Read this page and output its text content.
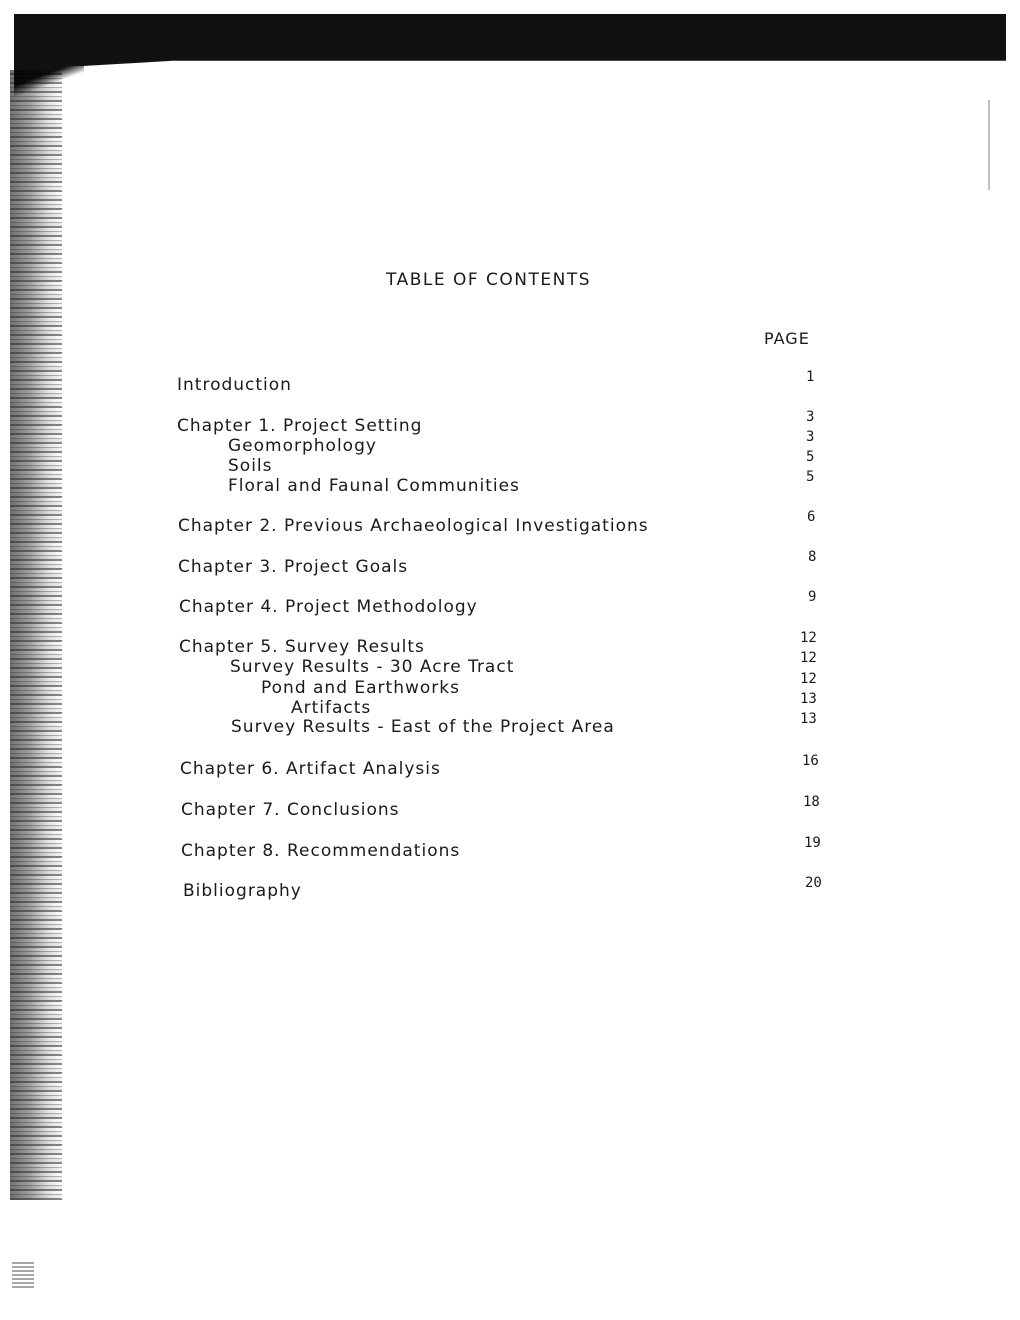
TABLE OF CONTENTS
PAGE
Introduction	1
Chapter 1. Project Setting	3
Geomorphology	3
Soils	5
Floral and Faunal Communities	5
Chapter 2. Previous Archaeological Investigations	6
Chapter 3. Project Goals	8
Chapter 4. Project Methodology	9
Chapter 5. Survey Results	12
Survey Results - 30 Acre Tract	12
Pond and Earthworks	12
Artifacts	13
Survey Results - East of the Project Area	13
Chapter 6. Artifact Analysis	16
Chapter 7. Conclusions	18
Chapter 8. Recommendations	19
Bibliography	20
